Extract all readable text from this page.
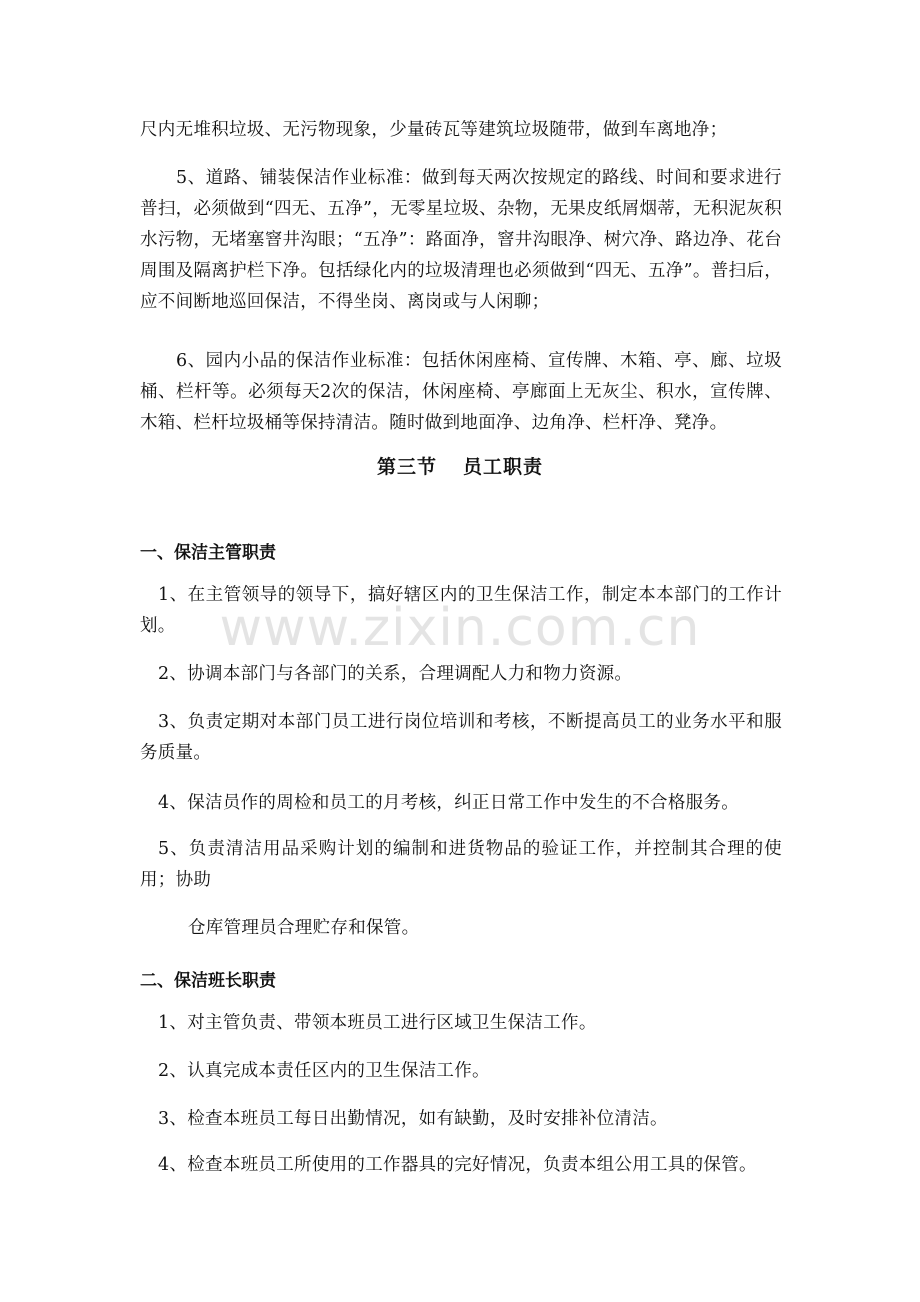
www.zixin.com.cn

尺内无堆积垃圾、无污物现象，少量砖瓦等建筑垃圾随带，做到车离地净；

5、道路、铺装保洁作业标准：做到每天两次按规定的路线、时间和要求进行普扫，必须做到“四无、五净”，无零星垃圾、杂物，无果皮纸屑烟蒂，无积泥灰积水污物，无堵塞窨井沟眼；“五净”：路面净，窨井沟眼净、树穴净、路边净、花台周围及隔离护栏下净。包括绿化内的垃圾清理也必须做到“四无、五净”。普扫后，应不间断地巡回保洁，不得坐岗、离岗或与人闲聊；

6、园内小品的保洁作业标准：包括休闲座椅、宣传牌、木箱、亭、廊、垃圾桶、栏杆等。必须每天2次的保洁，休闲座椅、亭廊面上无灰尘、积水，宣传牌、木箱、栏杆垃圾桶等保持清洁。随时做到地面净、边角净、栏杆净、凳净。

第三节 员工职责
一、保洁主管职责

1、在主管领导的领导下，搞好辖区内的卫生保洁工作，制定本本部门的工作计划。

2、协调本部门与各部门的关系，合理调配人力和物力资源。

3、负责定期对本部门员工进行岗位培训和考核，不断提高员工的业务水平和服务质量。

4、保洁员作的周检和员工的月考核，纠正日常工作中发生的不合格服务。

5、负责清洁用品采购计划的编制和进货物品的验证工作，并控制其合理的使用；协助

仓库管理员合理贮存和保管。

二、保洁班长职责

1、对主管负责、带领本班员工进行区域卫生保洁工作。

2、认真完成本责任区内的卫生保洁工作。

3、检查本班员工每日出勤情况，如有缺勤，及时安排补位清洁。

4、检查本班员工所使用的工作器具的完好情况，负责本组公用工具的保管。
